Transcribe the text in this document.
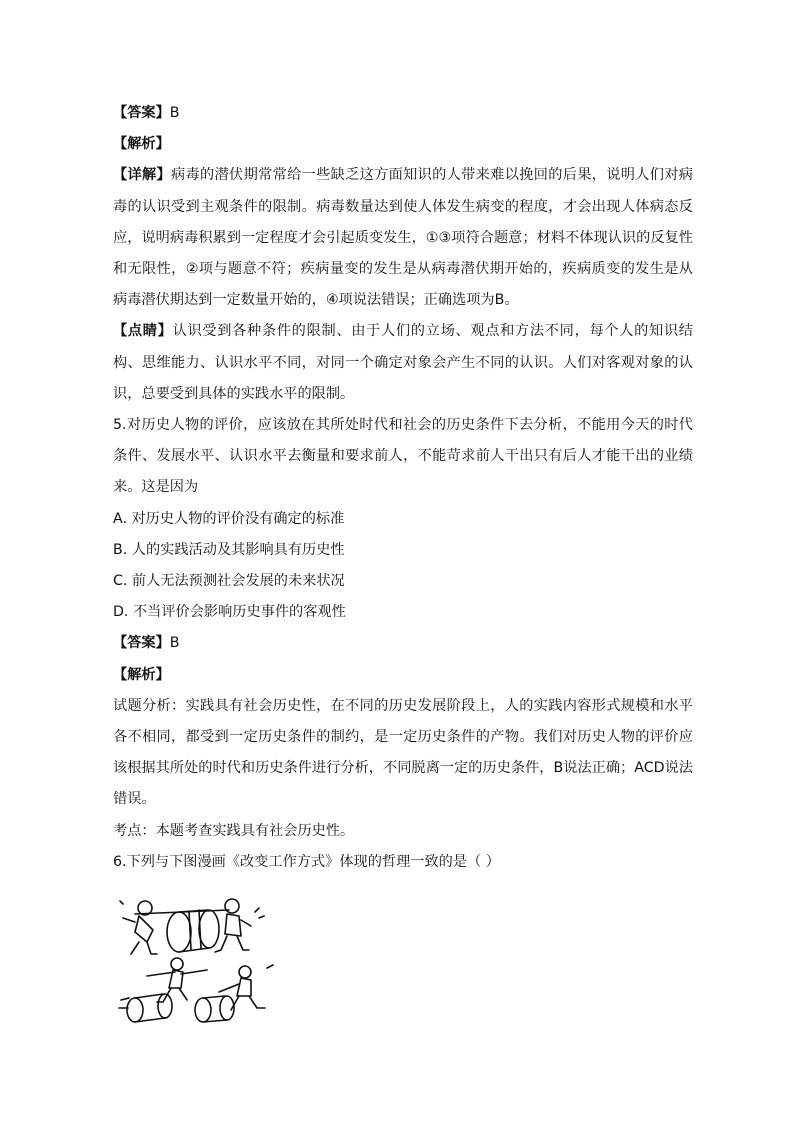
【答案】B

【解析】

【详解】病毒的潜伏期常常给一些缺乏这方面知识的人带来难以挽回的后果，说明人们对病毒的认识受到主观条件的限制。病毒数量达到使人体发生病变的程度，才会出现人体病态反应，说明病毒积累到一定程度才会引起质变发生，①③项符合题意；材料不体现认识的反复性和无限性，②项与题意不符；疾病量变的发生是从病毒潜伏期开始的，疾病质变的发生是从病毒潜伏期达到一定数量开始的，④项说法错误；正确选项为B。

【点睛】认识受到各种条件的限制、由于人们的立场、观点和方法不同，每个人的知识结构、思维能力、认识水平不同，对同一个确定对象会产生不同的认识。人们对客观对象的认识，总要受到具体的实践水平的限制。

5.对历史人物的评价，应该放在其所处时代和社会的历史条件下去分析，不能用今天的时代条件、发展水平、认识水平去衡量和要求前人，不能苛求前人干出只有后人才能干出的业绩来。这是因为

A. 对历史人物的评价没有确定的标准

B. 人的实践活动及其影响具有历史性

C. 前人无法预测社会发展的未来状况

D. 不当评价会影响历史事件的客观性

【答案】B

【解析】

试题分析：实践具有社会历史性，在不同的历史发展阶段上，人的实践内容形式规模和水平各不相同，都受到一定历史条件的制约，是一定历史条件的产物。我们对历史人物的评价应该根据其所处的时代和历史条件进行分析，不同脱离一定的历史条件，B说法正确；ACD说法错误。

考点：本题考查实践具有社会历史性。

6.下列与下图漫画《改变工作方式》体现的哲理一致的是（ ）
